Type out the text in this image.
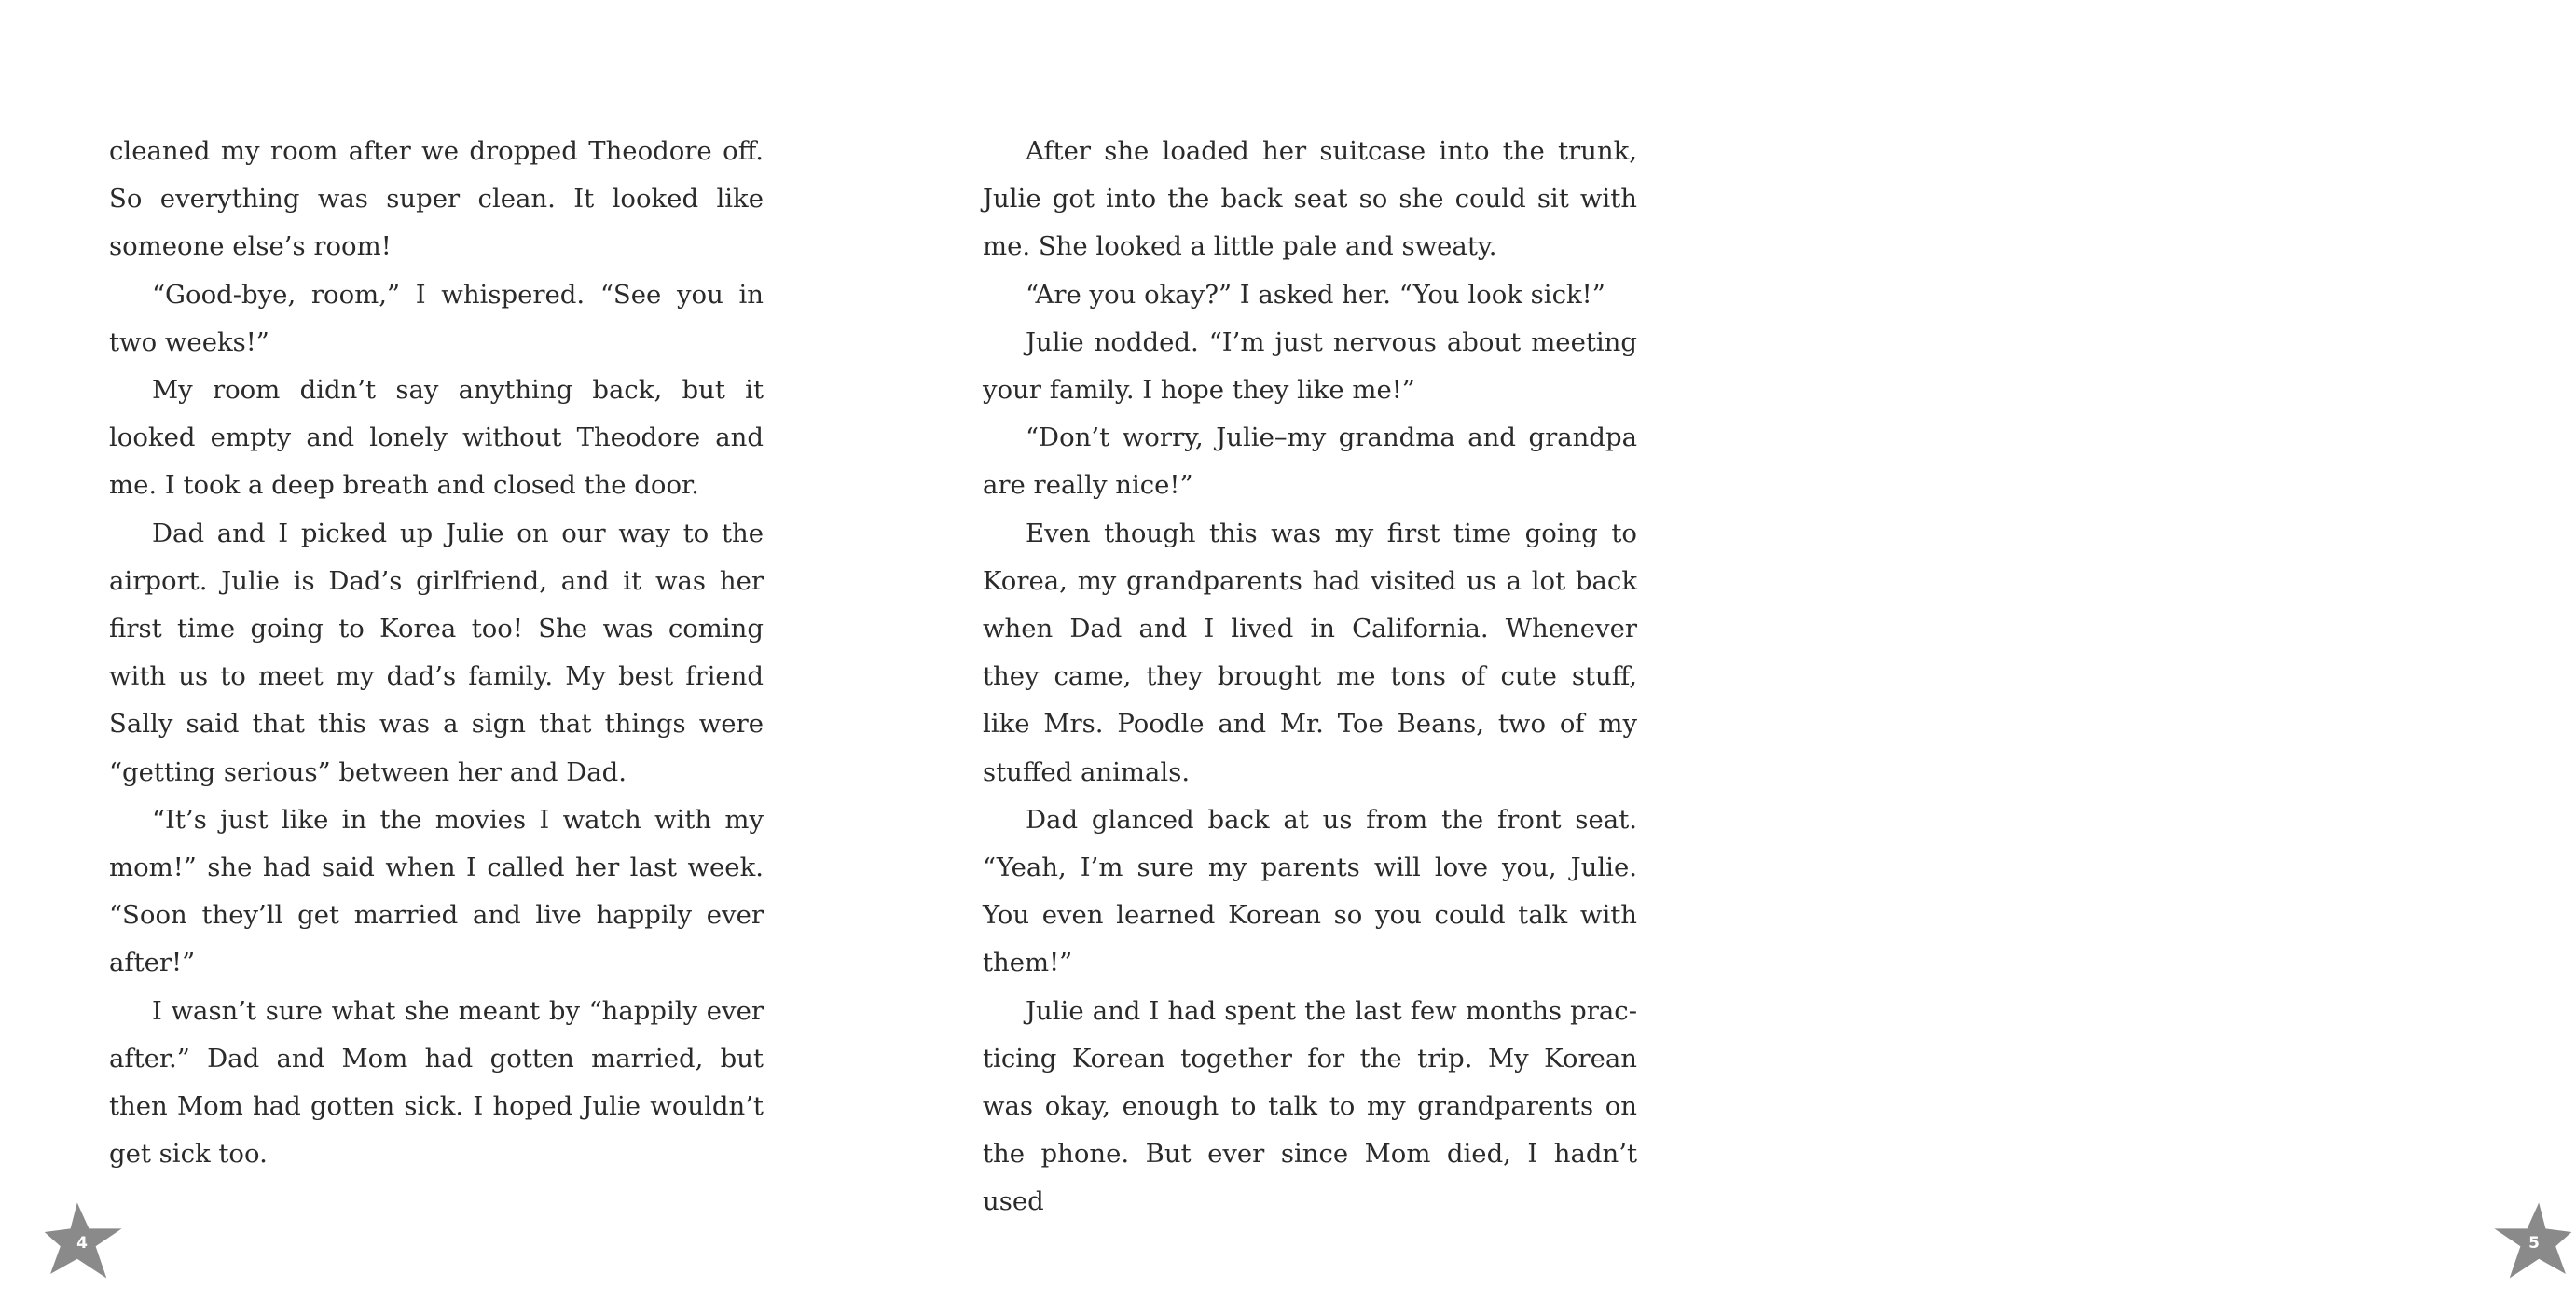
cleaned my room after we dropped Theodore off. So everything was super clean. It looked like someone else’s room!

“Good-bye, room,” I whispered. “See you in two weeks!”

My room didn’t say anything back, but it looked empty and lonely without Theodore and me. I took a deep breath and closed the door.

Dad and I picked up Julie on our way to the airport. Julie is Dad’s girlfriend, and it was her first time going to Korea too! She was coming with us to meet my dad’s family. My best friend Sally said that this was a sign that things were “getting serious” between her and Dad.

“It’s just like in the movies I watch with my mom!” she had said when I called her last week. “Soon they’ll get married and live happily ever after!”

I wasn’t sure what she meant by “happily ever after.” Dad and Mom had gotten married, but then Mom had gotten sick. I hoped Julie wouldn’t get sick too.

4

After she loaded her suitcase into the trunk, Julie got into the back seat so she could sit with me. She looked a little pale and sweaty.

“Are you okay?” I asked her. “You look sick!”

Julie nodded. “I’m just nervous about meeting your family. I hope they like me!”

“Don’t worry, Julie–my grandma and grandpa are really nice!”

Even though this was my first time going to Korea, my grandparents had visited us a lot back when Dad and I lived in California. Whenever they came, they brought me tons of cute stuff, like Mrs. Poodle and Mr. Toe Beans, two of my stuffed animals.

Dad glanced back at us from the front seat. “Yeah, I’m sure my parents will love you, Julie. You even learned Korean so you could talk with them!”

Julie and I had spent the last few months practicing Korean together for the trip. My Korean was okay, enough to talk to my grandparents on the phone. But ever since Mom died, I hadn’t used

5
